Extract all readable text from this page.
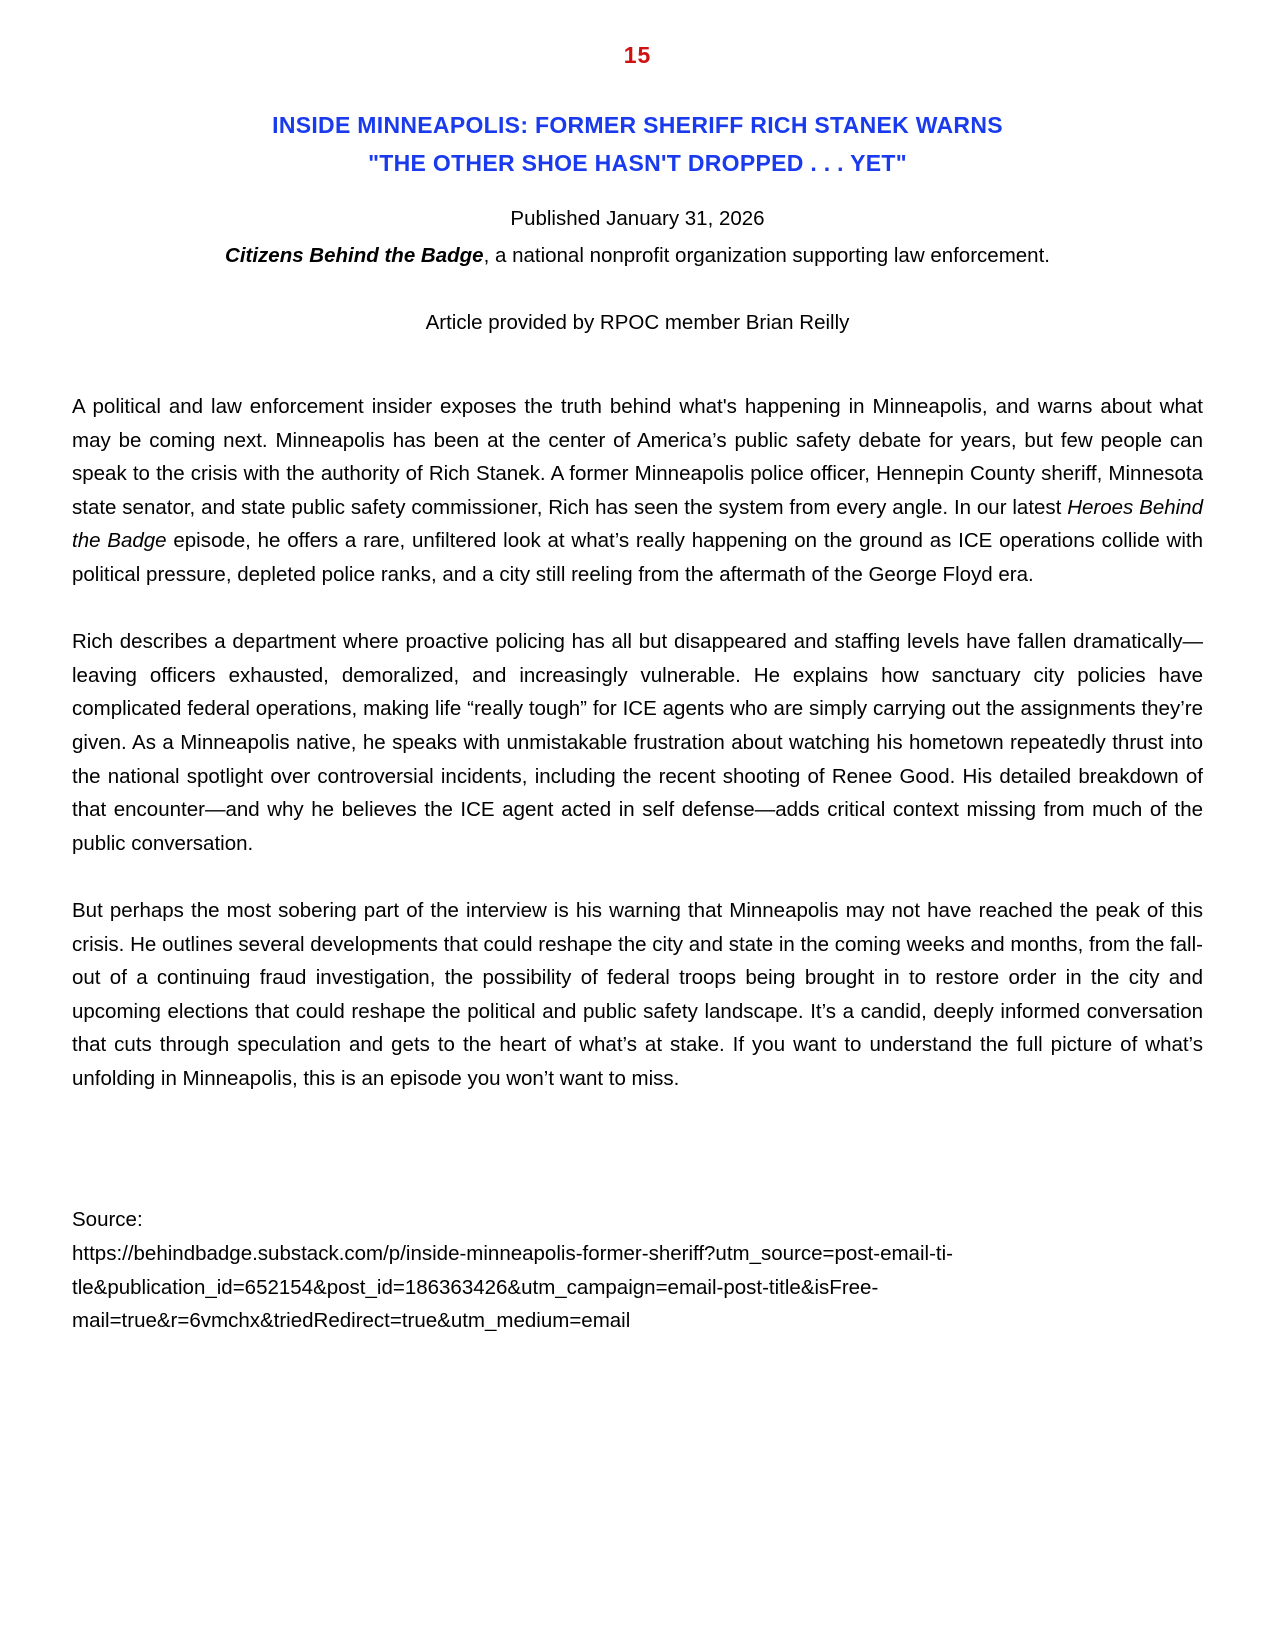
15
INSIDE MINNEAPOLIS: FORMER SHERIFF RICH STANEK WARNS
"THE OTHER SHOE HASN'T DROPPED . . . YET"
Published January 31, 2026
Citizens Behind the Badge, a national nonprofit organization supporting law enforcement.
Article provided by RPOC member Brian Reilly

A political and law enforcement insider exposes the truth behind what's happening in Minneapolis, and warns about what may be coming next. Minneapolis has been at the center of America’s public safety debate for years, but few people can speak to the crisis with the authority of Rich Stanek. A former Minneapolis police officer, Hennepin County sheriff, Minnesota state senator, and state public safety commissioner, Rich has seen the system from every angle. In our latest Heroes Behind the Badge episode, he offers a rare, unfiltered look at what’s really happening on the ground as ICE operations collide with political pressure, depleted police ranks, and a city still reeling from the aftermath of the George Floyd era.

Rich describes a department where proactive policing has all but disappeared and staffing levels have fallen dramatically—leaving officers exhausted, demoralized, and increasingly vulnerable. He explains how sanctuary city policies have complicated federal operations, making life “really tough” for ICE agents who are simply carrying out the assignments they’re given. As a Minneapolis native, he speaks with unmistakable frustration about watching his hometown repeatedly thrust into the national spotlight over controversial incidents, including the recent shooting of Renee Good. His detailed breakdown of that encounter—and why he believes the ICE agent acted in self defense—adds critical context missing from much of the public conversation.

But perhaps the most sobering part of the interview is his warning that Minneapolis may not have reached the peak of this crisis. He outlines several developments that could reshape the city and state in the coming weeks and months, from the fall-out of a continuing fraud investigation, the possibility of federal troops being brought in to restore order in the city and upcoming elections that could reshape the political and public safety landscape. It’s a candid, deeply informed conversation that cuts through speculation and gets to the heart of what’s at stake. If you want to understand the full picture of what’s unfolding in Minneapolis, this is an episode you won’t want to miss.

Source:
https://behindbadge.substack.com/p/inside-minneapolis-former-sheriff?utm_source=post-email-ti-
tle&publication_id=652154&post_id=186363426&utm_campaign=email-post-title&isFree-
mail=true&r=6vmchx&triedRedirect=true&utm_medium=email
